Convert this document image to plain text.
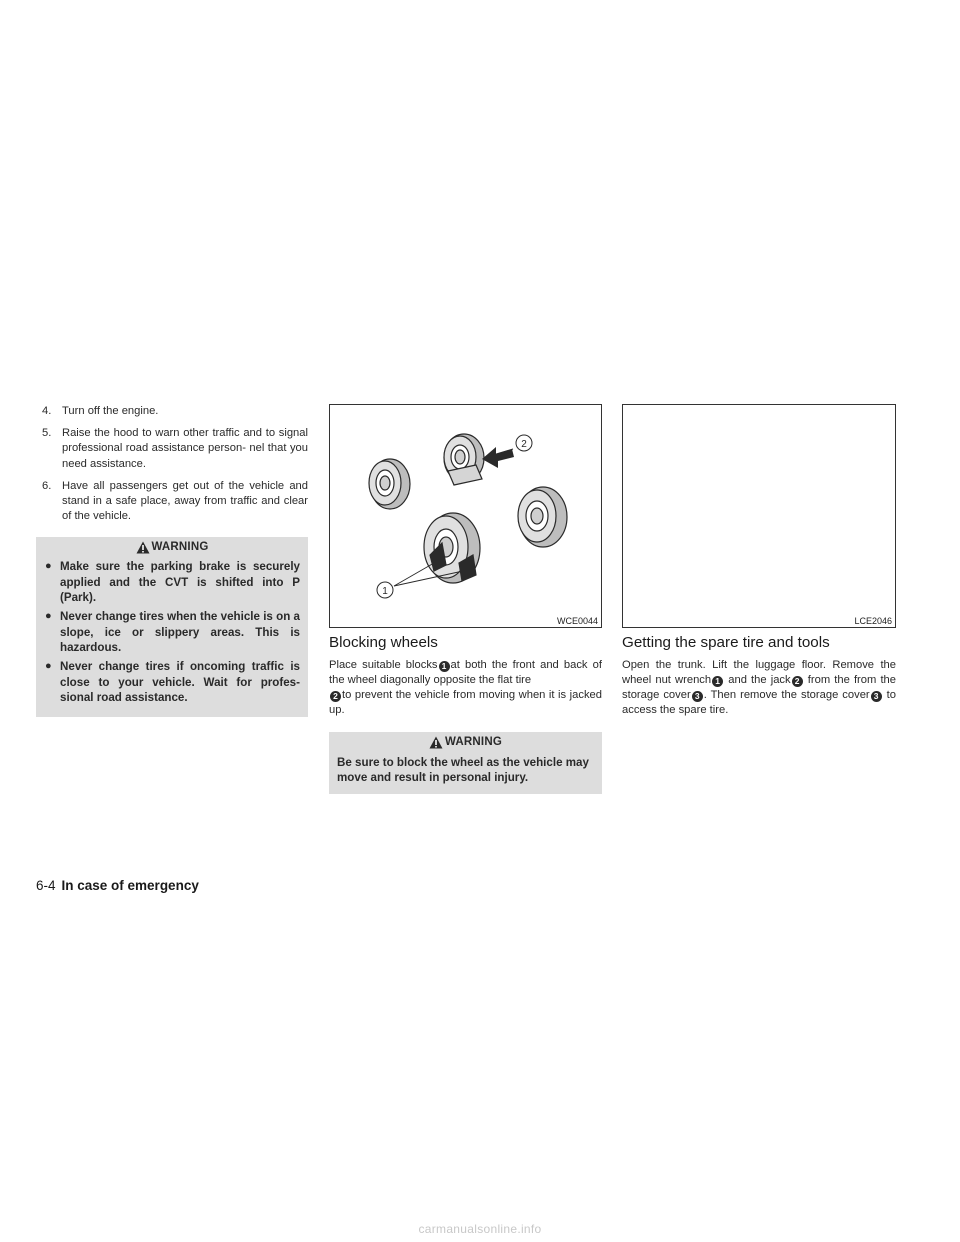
4. Turn off the engine.
5. Raise the hood to warn other traffic and to signal professional road assistance person- nel that you need assistance.
6. Have all passengers get out of the vehicle and stand in a safe place, away from traffic and clear of the vehicle.
WARNING
● Make sure the parking brake is securely applied and the CVT is shifted into P (Park).
● Never change tires when the vehicle is on a slope, ice or slippery areas. This is hazardous.
● Never change tires if oncoming traffic is close to your vehicle. Wait for profes- sional road assistance.
2
1
WCE0044
Blocking wheels

Place suitable blocks 1 at both the front and back of the wheel diagonally opposite the flat tire
2 to prevent the vehicle from moving when it is jacked up.

WARNING

Be sure to block the wheel as the vehicle may move and result in personal injury.

LCE2046
Getting the spare tire and tools

Open the trunk. Lift the luggage floor. Remove the wheel nut wrench 1 and the jack 2 from the from the storage cover 3 . Then remove the storage cover 3 to access the spare tire.

6-4 In case of emergency
carmanualsonline.info
